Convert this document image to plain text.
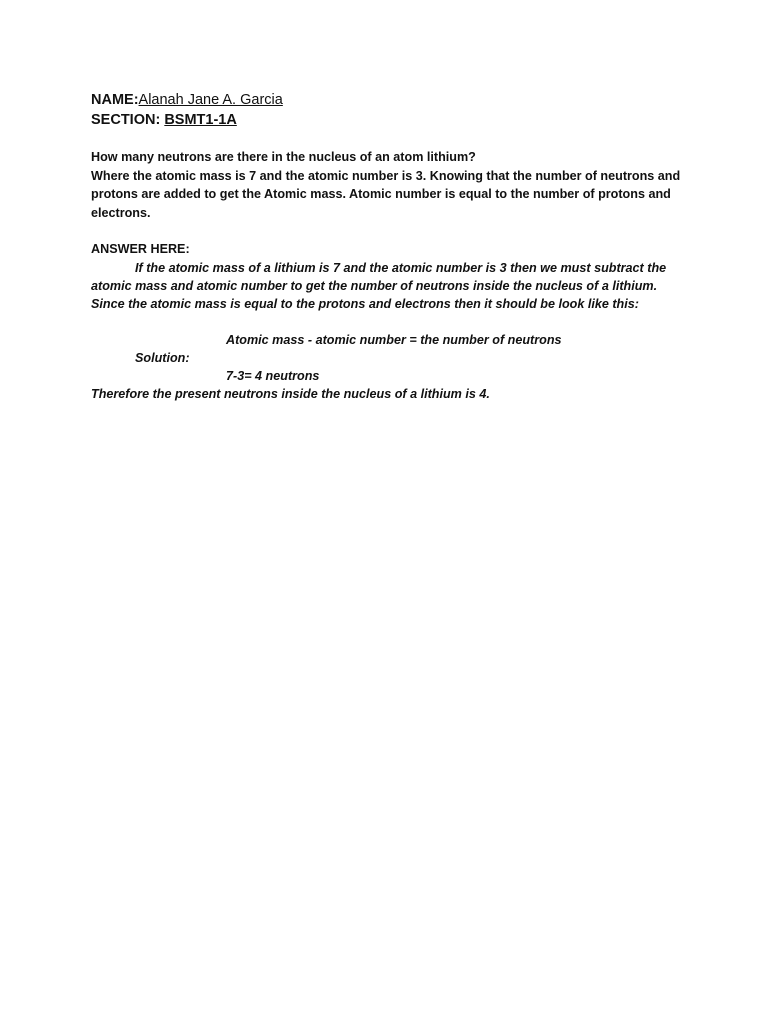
NAME:Alanah Jane A. Garcia

SECTION: BSMT1-1A

How many neutrons are there in the nucleus of an atom lithium?

Where the atomic mass is 7 and the atomic number is 3. Knowing that the number of neutrons and protons are added to get the Atomic mass. Atomic number is equal to the number of protons and electrons.

ANSWER HERE:

If the atomic mass of a lithium is 7 and the atomic number is 3 then we must subtract the atomic mass and atomic number to get the number of neutrons inside the nucleus of a lithium. Since the atomic mass is equal to the protons and electrons then it should be look like this:

Atomic mass - atomic number = the number of neutrons
Solution:
7-3= 4 neutrons
Therefore the present neutrons inside the nucleus of a lithium is 4.
